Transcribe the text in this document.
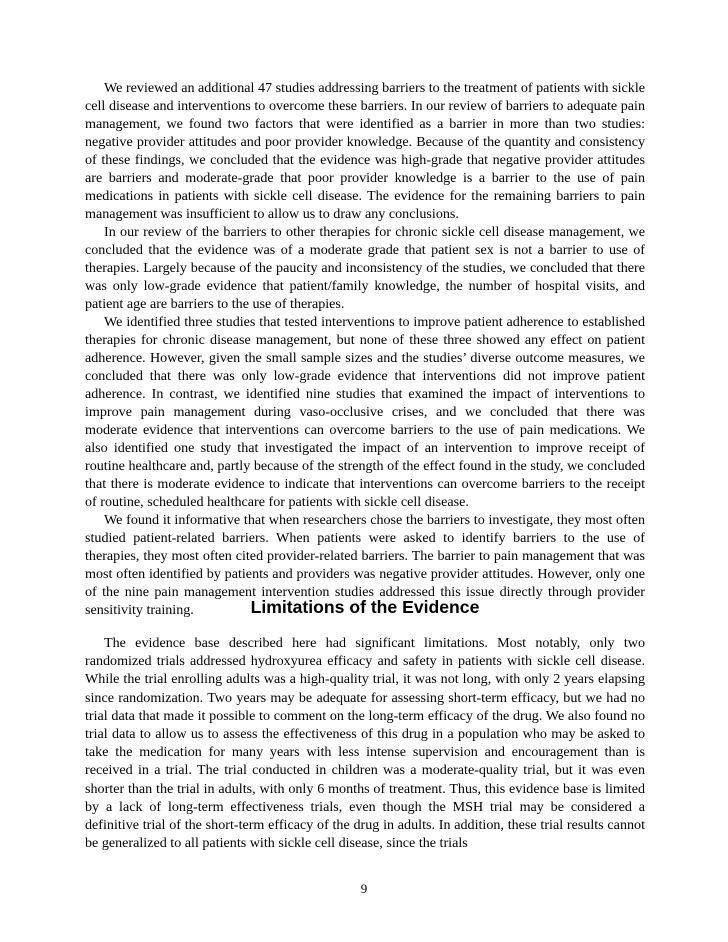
We reviewed an additional 47 studies addressing barriers to the treatment of patients with sickle cell disease and interventions to overcome these barriers. In our review of barriers to adequate pain management, we found two factors that were identified as a barrier in more than two studies: negative provider attitudes and poor provider knowledge. Because of the quantity and consistency of these findings, we concluded that the evidence was high-grade that negative provider attitudes are barriers and moderate-grade that poor provider knowledge is a barrier to the use of pain medications in patients with sickle cell disease. The evidence for the remaining barriers to pain management was insufficient to allow us to draw any conclusions.

In our review of the barriers to other therapies for chronic sickle cell disease management, we concluded that the evidence was of a moderate grade that patient sex is not a barrier to use of therapies. Largely because of the paucity and inconsistency of the studies, we concluded that there was only low-grade evidence that patient/family knowledge, the number of hospital visits, and patient age are barriers to the use of therapies.

We identified three studies that tested interventions to improve patient adherence to established therapies for chronic disease management, but none of these three showed any effect on patient adherence. However, given the small sample sizes and the studies’ diverse outcome measures, we concluded that there was only low-grade evidence that interventions did not improve patient adherence. In contrast, we identified nine studies that examined the impact of interventions to improve pain management during vaso-occlusive crises, and we concluded that there was moderate evidence that interventions can overcome barriers to the use of pain medications. We also identified one study that investigated the impact of an intervention to improve receipt of routine healthcare and, partly because of the strength of the effect found in the study, we concluded that there is moderate evidence to indicate that interventions can overcome barriers to the receipt of routine, scheduled healthcare for patients with sickle cell disease.

We found it informative that when researchers chose the barriers to investigate, they most often studied patient-related barriers. When patients were asked to identify barriers to the use of therapies, they most often cited provider-related barriers. The barrier to pain management that was most often identified by patients and providers was negative provider attitudes. However, only one of the nine pain management intervention studies addressed this issue directly through provider sensitivity training.	Limitations of the Evidence

The evidence base described here had significant limitations. Most notably, only two randomized trials addressed hydroxyurea efficacy and safety in patients with sickle cell disease. While the trial enrolling adults was a high-quality trial, it was not long, with only 2 years elapsing since randomization. Two years may be adequate for assessing short-term efficacy, but we had no trial data that made it possible to comment on the long-term efficacy of the drug. We also found no trial data to allow us to assess the effectiveness of this drug in a population who may be asked to take the medication for many years with less intense supervision and encouragement than is received in a trial. The trial conducted in children was a moderate-quality trial, but it was even shorter than the trial in adults, with only 6 months of treatment. Thus, this evidence base is limited by a lack of long-term effectiveness trials, even though the MSH trial may be considered a definitive trial of the short-term efficacy of the drug in adults. In addition, these trial results cannot be generalized to all patients with sickle cell disease, since the trials

9
